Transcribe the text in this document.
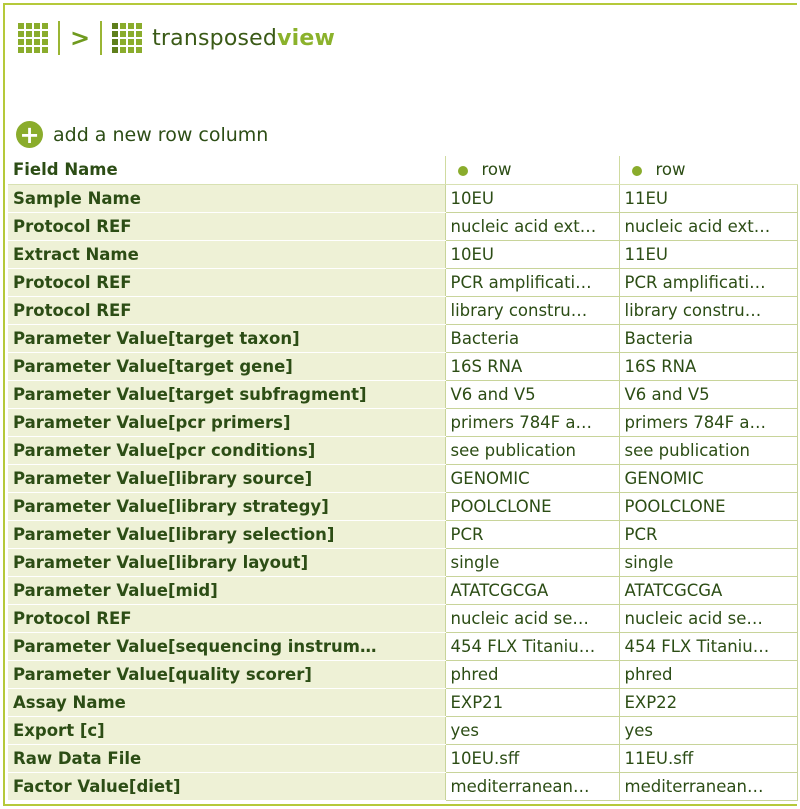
>	transposedview
+ add a new row column
Field Name	row	row
Sample Name	10EU	11EU
Protocol REF	nucleic acid ext…	nucleic acid ext…
Extract Name	10EU	11EU
Protocol REF	PCR amplificati…	PCR amplificati…
Protocol REF	library constru…	library constru…
Parameter Value[target taxon]	Bacteria	Bacteria
Parameter Value[target gene]	16S RNA	16S RNA
Parameter Value[target subfragment]	V6 and V5	V6 and V5
Parameter Value[pcr primers]	primers 784F a…	primers 784F a…
Parameter Value[pcr conditions]	see publication	see publication
Parameter Value[library source]	GENOMIC	GENOMIC
Parameter Value[library strategy]	POOLCLONE	POOLCLONE
Parameter Value[library selection]	PCR	PCR
Parameter Value[library layout]	single	single
Parameter Value[mid]	ATATCGCGA	ATATCGCGA
Protocol REF	nucleic acid se…	nucleic acid se…
Parameter Value[sequencing instrum…	454 FLX Titaniu…	454 FLX Titaniu…
Parameter Value[quality scorer]	phred	phred
Assay Name	EXP21	EXP22
Export [c]	yes	yes
Raw Data File	10EU.sff	11EU.sff
Factor Value[diet]	mediterranean…	mediterranean…
